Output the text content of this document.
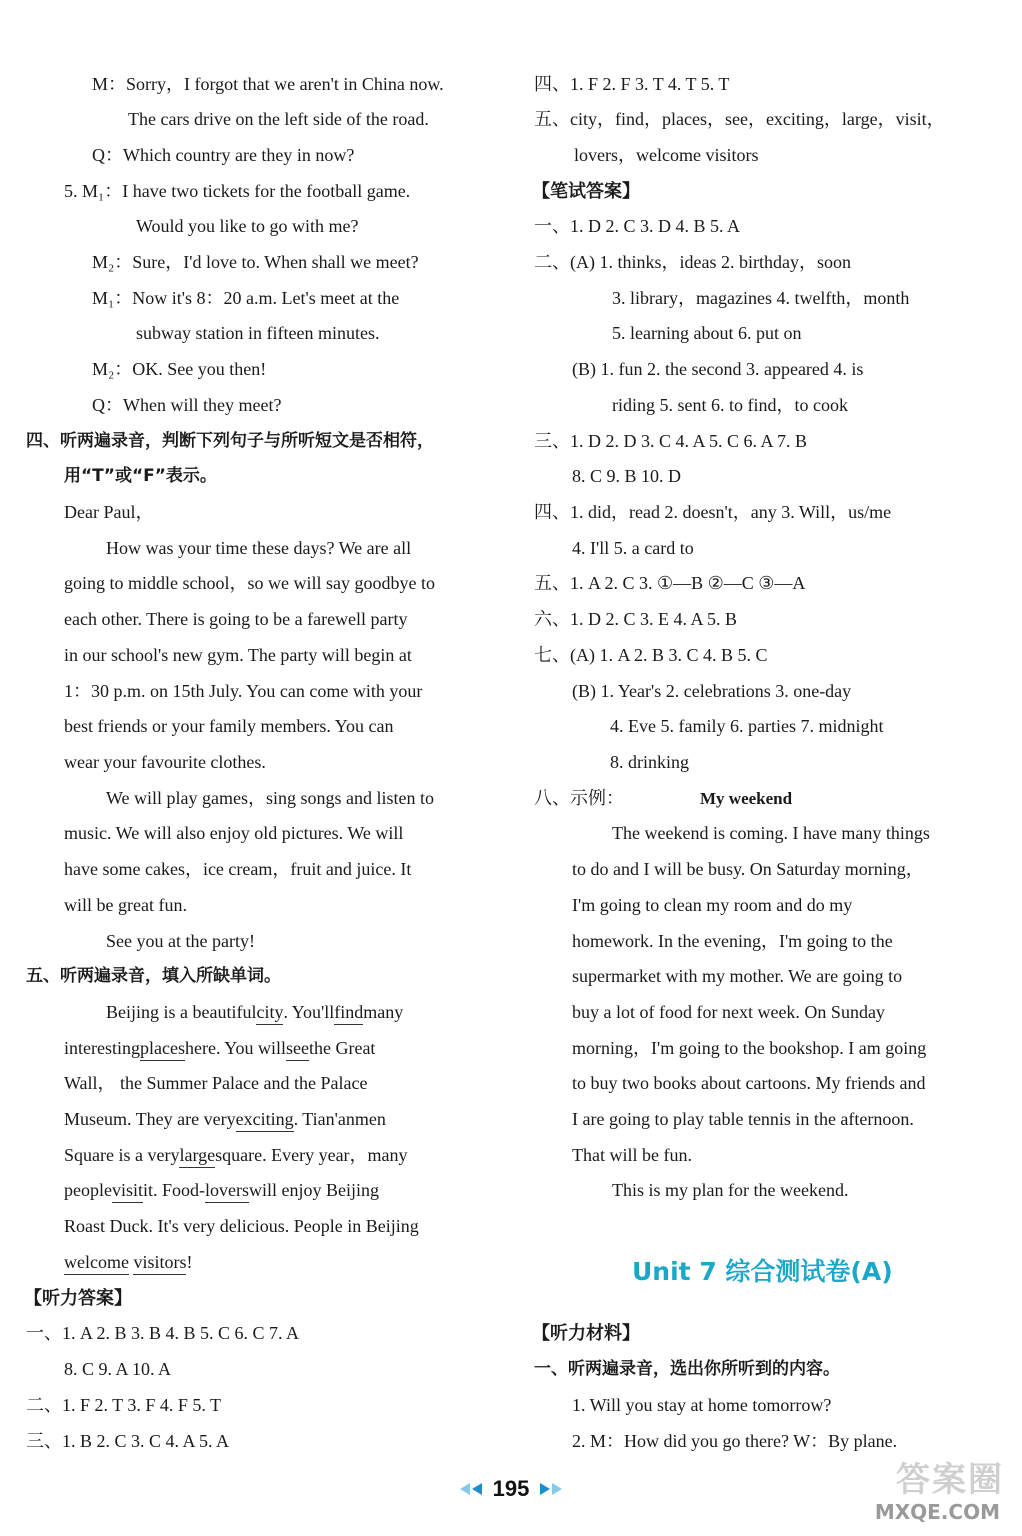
M：Sorry，I forgot that we aren't in China now.
The cars drive on the left side of the road.
Q：Which country are they in now?
5. M₁：I have two tickets for the football game.
Would you like to go with me?
M₂：Sure，I'd love to. When shall we meet?
M₁：Now it's 8：20 a.m. Let's meet at the
subway station in fifteen minutes.
M₂：OK. See you then!
Q：When will they meet?
四、听两遍录音，判断下列句子与所听短文是否相符，
用“T”或“F”表示。
Dear Paul，
How was your time these days? We are all
going to middle school，so we will say goodbye to
each other. There is going to be a farewell party
in our school's new gym. The party will begin at
1：30 p.m. on 15th July. You can come with your
best friends or your family members. You can
wear your favourite clothes.
We will play games，sing songs and listen to
music. We will also enjoy old pictures. We will
have some cakes，ice cream，fruit and juice. It
will be great fun.
See you at the party!
五、听两遍录音，填入所缺单词。
Beijing is a beautifulcity. You'llfindmany
interestingplaceshere. You willseethe Great
Wall， the Summer Palace and the Palace
Museum. They are veryexciting. Tian'anmen
Square is a verylargesquare. Every year，many
peoplevisitit. Food-loverswill enjoy Beijing
Roast Duck. It's very delicious. People in Beijing
welcome visitors!
【听力答案】
一、1. A 2. B 3. B 4. B 5. C 6. C 7. A
8. C 9. A 10. A
二、1. F 2. T 3. F 4. F 5. T
三、1. B 2. C 3. C 4. A 5. A
四、1. F 2. F 3. T 4. T 5. T
五、city，find，places，see，exciting，large，visit，
lovers，welcome visitors
【笔试答案】
一、1. D 2. C 3. D 4. B 5. A
二、(A) 1. thinks，ideas 2. birthday，soon
3. library，magazines 4. twelfth，month
5. learning about 6. put on
(B) 1. fun 2. the second 3. appeared 4. is
riding 5. sent 6. to find，to cook
三、1. D 2. D 3. C 4. A 5. C 6. A 7. B
8. C 9. B 10. D
四、1. did，read 2. doesn't，any 3. Will，us/me
4. I'll 5. a card to
五、1. A 2. C 3. ①—B ②—C ③—A
六、1. D 2. C 3. E 4. A 5. B
七、(A) 1. A 2. B 3. C 4. B 5. C
(B) 1. Year's 2. celebrations 3. one-day
4. Eve 5. family 6. parties 7. midnight
8. drinking
八、示例：	My weekend
The weekend is coming. I have many things
to do and I will be busy. On Saturday morning，
I'm going to clean my room and do my
homework. In the evening，I'm going to the
supermarket with my mother. We are going to
buy a lot of food for next week. On Sunday
morning，I'm going to the bookshop. I am going
to buy two books about cartoons. My friends and
I are going to play table tennis in the afternoon.
That will be fun.
This is my plan for the weekend.
Unit 7 综合测试卷(A)
【听力材料】
一、听两遍录音，选出你所听到的内容。
1. Will you stay at home tomorrow?
2. M：How did you go there? W：By plane.
195	答案圈
MXQE.COM
